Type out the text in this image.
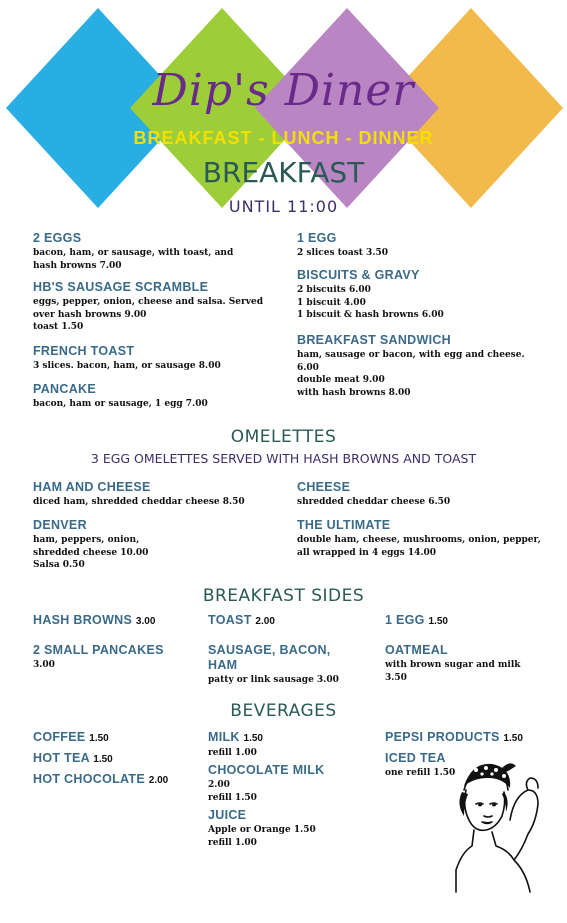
Dip's Diner
BREAKFAST - LUNCH - DINNER
BREAKFAST
UNTIL 11:00
2 EGGS
bacon, ham, or sausage, with toast, and
hash browns 7.00
HB'S SAUSAGE SCRAMBLE
eggs, pepper, onion, cheese and salsa. Served
over hash browns 9.00
toast 1.50
FRENCH TOAST
3 slices. bacon, ham, or sausage 8.00
PANCAKE
bacon, ham or sausage, 1 egg 7.00
1 EGG
2 slices toast 3.50
BISCUITS & GRAVY
2 biscuits 6.00
1 biscuit 4.00
1 biscuit & hash browns 6.00
BREAKFAST SANDWICH
ham, sausage or bacon, with egg and cheese.
6.00
double meat 9.00
with hash browns 8.00
OMELETTES
3 EGG OMELETTES SERVED WITH HASH BROWNS AND TOAST
HAM AND CHEESE
diced ham, shredded cheddar cheese 8.50
DENVER
ham, peppers, onion,
shredded cheese 10.00
Salsa 0.50
CHEESE
shredded cheddar cheese 6.50
THE ULTIMATE
double ham, cheese, mushrooms, onion, pepper,
all wrapped in 4 eggs 14.00
BREAKFAST SIDES
HASH BROWNS 3.00
2 SMALL PANCAKES
3.00
TOAST 2.00
SAUSAGE, BACON,
HAM
patty or link sausage 3.00
1 EGG 1.50
OATMEAL
with brown sugar and milk
3.50
BEVERAGES
COFFEE 1.50
HOT TEA 1.50
HOT CHOCOLATE 2.00
MILK 1.50
refill 1.00
CHOCOLATE MILK
2.00
refill 1.50
JUICE
Apple or Orange 1.50
refill 1.00
PEPSI PRODUCTS 1.50
ICED TEA
one refill 1.50
